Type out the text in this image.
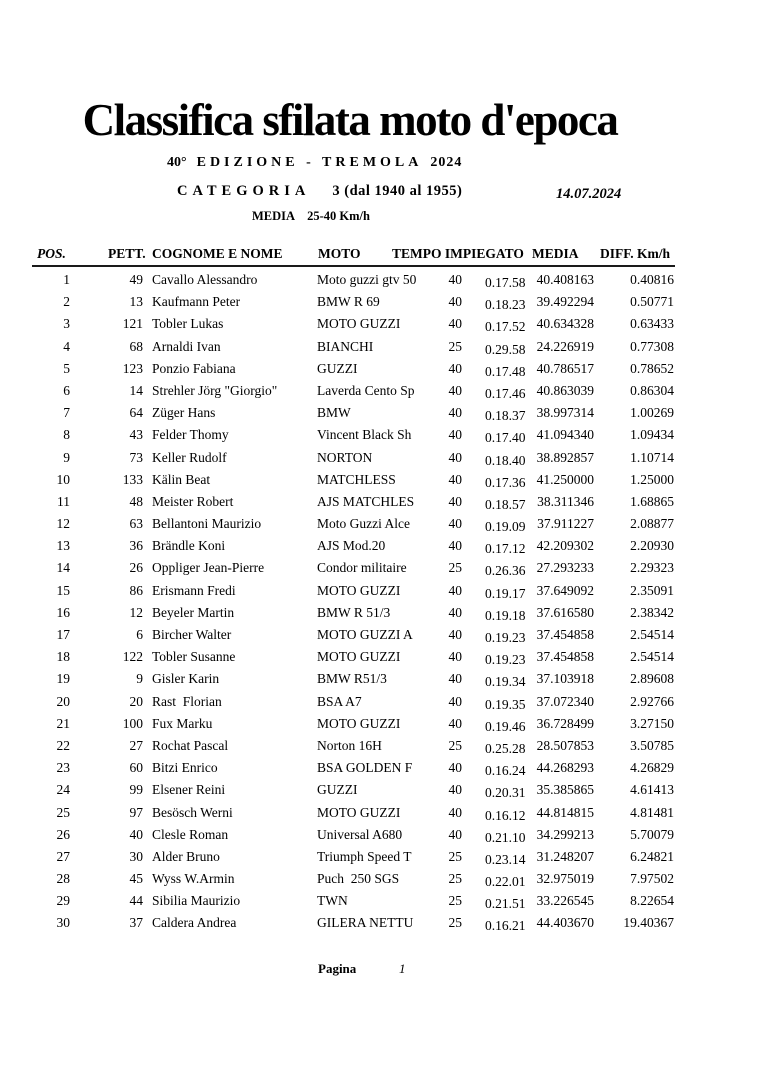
Classifica sfilata moto d'epoca
40° EDIZIONE - TREMOLA 2024
CATEGORIA 3 (dal 1940 al 1955)	14.07.2024
MEDIA 25-40 Km/h
POS.	PETT. COGNOME E NOME	MOTO TEMPO IMPIEGATO MEDIA DIFF. Km/h
1	49 Cavallo Alessandro	Moto guzzi gtv 50	40	0.17.58 40.408163	0.40816
2	13 Kaufmann Peter	BMW R 69	40	0.18.23 39.492294	0.50771
3	121 Tobler Lukas	MOTO GUZZI	40	0.17.52 40.634328	0.63433
4	68 Arnaldi Ivan	BIANCHI	25	0.29.58 24.226919	0.77308
5	123 Ponzio Fabiana	GUZZI	40	0.17.48 40.786517	0.78652
6	14 Strehler Jörg "Giorgio"	Laverda Cento Sp	40	0.17.46 40.863039	0.86304
7	64 Züger Hans	BMW	40	0.18.37 38.997314	1.00269
8	43 Felder Thomy	Vincent Black Sh	40	0.17.40 41.094340	1.09434
9	73 Keller Rudolf	NORTON	40	0.18.40 38.892857	1.10714
10	133 Kälin Beat	MATCHLESS	40	0.17.36 41.250000	1.25000
11	48 Meister Robert	AJS MATCHLES	40	0.18.57 38.311346	1.68865
12	63 Bellantoni Maurizio	Moto Guzzi Alce	40	0.19.09 37.911227	2.08877
13	36 Brändle Koni	AJS Mod.20	40	0.17.12 42.209302	2.20930
14	26 Oppliger Jean-Pierre	Condor militaire	25	0.26.36 27.293233	2.29323
15	86 Erismann Fredi	MOTO GUZZI	40	0.19.17 37.649092	2.35091
16	12 Beyeler Martin	BMW R 51/3	40	0.19.18 37.616580	2.38342
17	6 Bircher Walter	MOTO GUZZI A	40	0.19.23 37.454858	2.54514
18	122 Tobler Susanne	MOTO GUZZI	40	0.19.23 37.454858	2.54514
19	9 Gisler Karin	BMW R51/3	40	0.19.34 37.103918	2.89608
20	20 Rast  Florian	BSA A7	40	0.19.35 37.072340	2.92766
21	100 Fux Marku	MOTO GUZZI	40	0.19.46 36.728499	3.27150
22	27 Rochat Pascal	Norton 16H	25	0.25.28 28.507853	3.50785
23	60 Bitzi Enrico	BSA GOLDEN F	40	0.16.24 44.268293	4.26829
24	99 Elsener Reini	GUZZI	40	0.20.31 35.385865	4.61413
25	97 Besösch Werni	MOTO GUZZI	40	0.16.12 44.814815	4.81481
26	40 Clesle Roman	Universal A680	40	0.21.10 34.299213	5.70079
27	30 Alder Bruno	Triumph Speed T	25	0.23.14 31.248207	6.24821
28	45 Wyss W.Armin	Puch  250 SGS	25	0.22.01 32.975019	7.97502
29	44 Sibilia Maurizio	TWN	25	0.21.51 33.226545	8.22654
30	37 Caldera Andrea	GILERA NETTU	25	0.16.21 44.403670	19.40367
Pagina	1
